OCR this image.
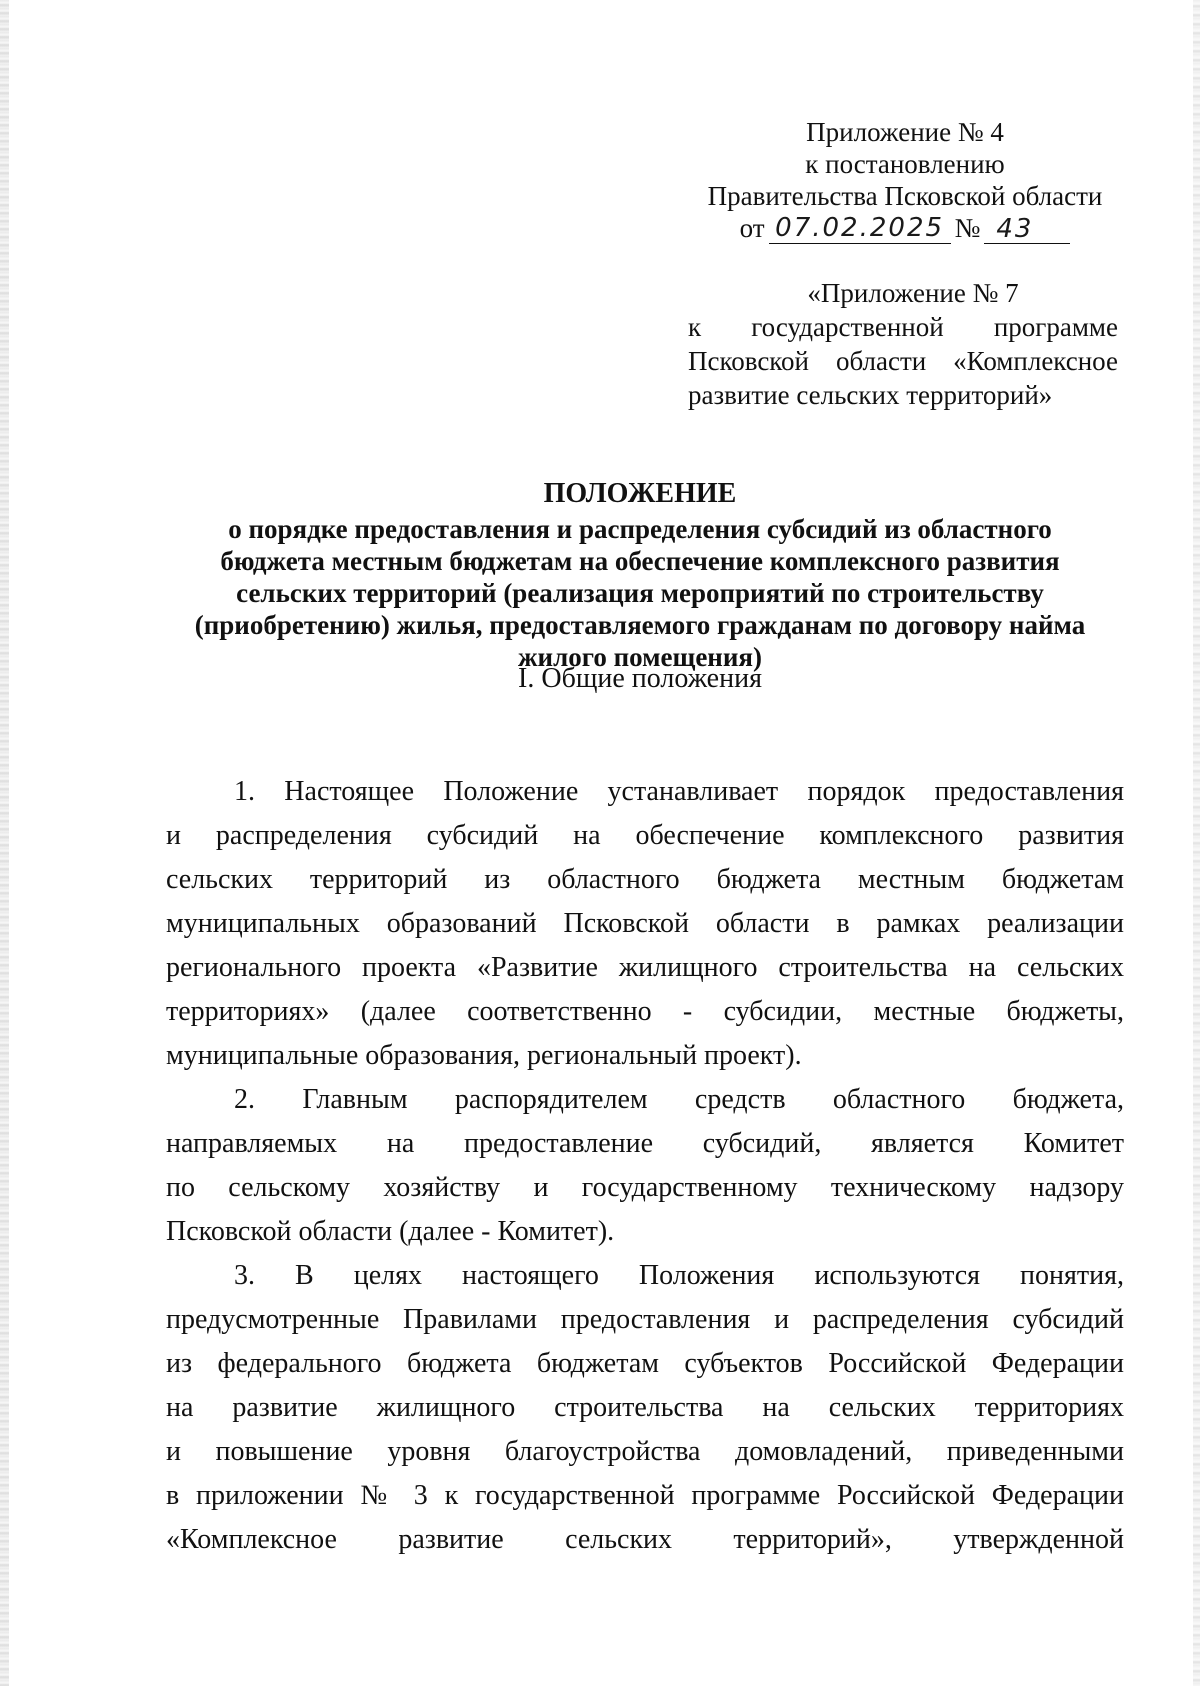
Приложение № 4
к постановлению
Правительства Псковской области
от 07.02.2025 № 43
«Приложение № 7
к государственной программе
Псковской области «Комплексное
развитие сельских территорий»
ПОЛОЖЕНИЕ
о порядке предоставления и распределения субсидий из областного
бюджета местным бюджетам на обеспечение комплексного развития
сельских территорий (реализация мероприятий по строительству
(приобретению) жилья, предоставляемого гражданам по договору найма
жилого помещения)
I. Общие положения
1. Настоящее Положение устанавливает порядок предоставления
и распределения субсидий на обеспечение комплексного развития
сельских территорий из областного бюджета местным бюджетам
муниципальных образований Псковской области в рамках реализации
регионального проекта «Развитие жилищного строительства на сельских
территориях» (далее соответственно - субсидии, местные бюджеты,
муниципальные образования, региональный проект).
2. Главным распорядителем средств областного бюджета,
направляемых на предоставление субсидий, является Комитет
по сельскому хозяйству и государственному техническому надзору
Псковской области (далее - Комитет).
3. В целях настоящего Положения используются понятия,
предусмотренные Правилами предоставления и распределения субсидий
из федерального бюджета бюджетам субъектов Российской Федерации
на развитие жилищного строительства на сельских территориях
и повышение уровня благоустройства домовладений, приведенными
в приложении № 3 к государственной программе Российской Федерации
«Комплексное развитие сельских территорий», утвержденной
